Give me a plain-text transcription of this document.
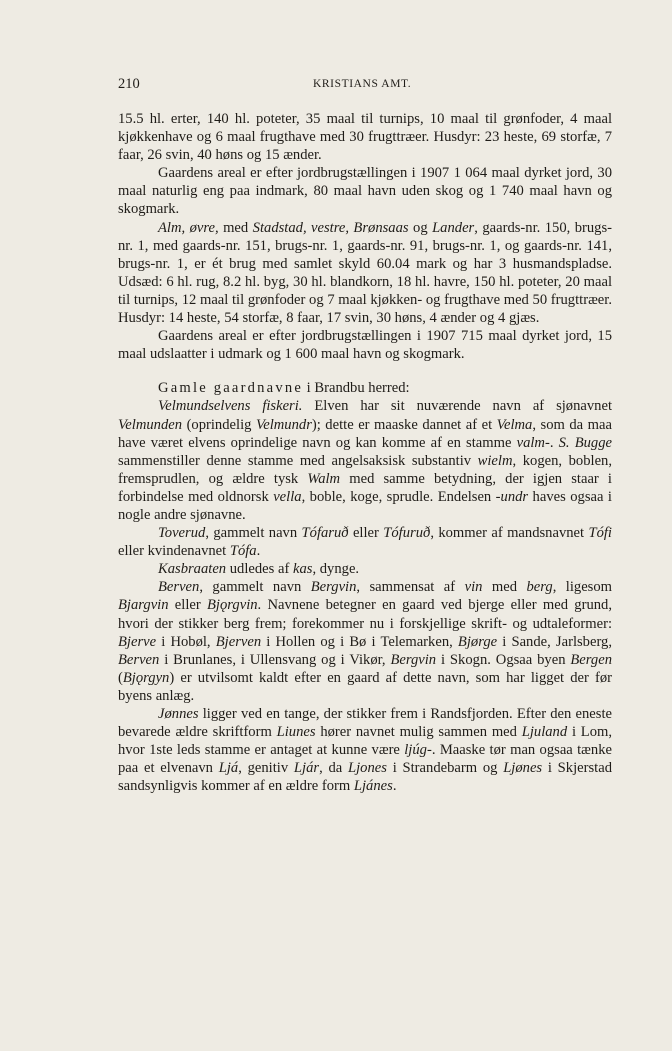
210	KRISTIANS AMT.

15.5 hl. erter, 140 hl. poteter, 35 maal til turnips, 10 maal til grønfoder, 4 maal kjøkkenhave og 6 maal frugthave med 30 frugttræer. Husdyr: 23 heste, 69 storfæ, 7 faar, 26 svin, 40 høns og 15 ænder.

Gaardens areal er efter jordbrugstællingen i 1907 1 064 maal dyrket jord, 30 maal naturlig eng paa indmark, 80 maal havn uden skog og 1 740 maal havn og skogmark.

Alm, øvre, med Stadstad, vestre, Brønsaas og Lander, gaards-nr. 150, brugs-nr. 1, med gaards-nr. 151, brugs-nr. 1, gaards-nr. 91, brugs-nr. 1, og gaards-nr. 141, brugs-nr. 1, er ét brug med samlet skyld 60.04 mark og har 3 husmandspladse. Udsæd: 6 hl. rug, 8.2 hl. byg, 30 hl. blandkorn, 18 hl. havre, 150 hl. poteter, 20 maal til turnips, 12 maal til grønfoder og 7 maal kjøkken- og frugthave med 50 frugttræer. Husdyr: 14 heste, 54 storfæ, 8 faar, 17 svin, 30 høns, 4 ænder og 4 gjæs.

Gaardens areal er efter jordbrugstællingen i 1907 715 maal dyrket jord, 15 maal udslaatter i udmark og 1 600 maal havn og skogmark.

Gamle gaardnavne i Brandbu herred:

Velmundselvens fiskeri. Elven har sit nuværende navn af sjønavnet Velmunden (oprindelig Velmundr); dette er maaske dannet af et Velma, som da maa have været elvens oprindelige navn og kan komme af en stamme valm-. S. Bugge sammenstiller denne stamme med angelsaksisk substantiv wielm, kogen, boblen, fremsprudlen, og ældre tysk Walm med samme betydning, der igjen staar i forbindelse med oldnorsk vella, boble, koge, sprudle. Endelsen -undr haves ogsaa i nogle andre sjønavne.

Toverud, gammelt navn Tófaruð eller Tófuruð, kommer af mandsnavnet Tófi eller kvindenavnet Tófa.

Kasbraaten udledes af kas, dynge.

Berven, gammelt navn Bergvin, sammensat af vin med berg, ligesom Bjargvin eller Bjǫrgvin. Navnene betegner en gaard ved bjerge eller med grund, hvori der stikker berg frem; forekommer nu i forskjellige skrift- og udtaleformer: Bjerve i Hobøl, Bjerven i Hollen og i Bø i Telemarken, Bjørge i Sande, Jarlsberg, Berven i Brunlanes, i Ullensvang og i Vikør, Bergvin i Skogn. Ogsaa byen Bergen (Bjǫrgyn) er utvilsomt kaldt efter en gaard af dette navn, som har ligget der før byens anlæg.

Jønnes ligger ved en tange, der stikker frem i Randsfjorden. Efter den eneste bevarede ældre skriftform Liunes hører navnet mulig sammen med Ljuland i Lom, hvor 1ste leds stamme er antaget at kunne være ljúg-. Maaske tør man ogsaa tænke paa et elvenavn Ljá, genitiv Ljár, da Ljones i Strandebarm og Ljønes i Skjerstad sandsynligvis kommer af en ældre form Ljánes.
